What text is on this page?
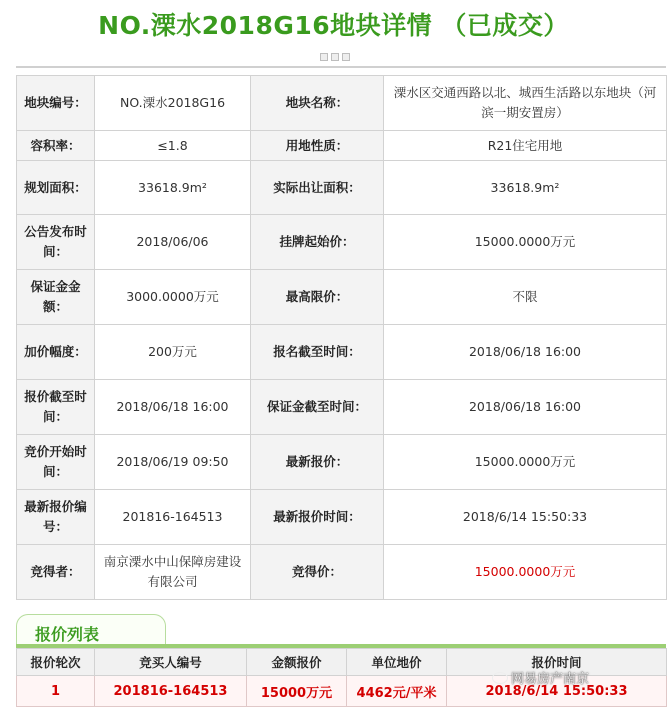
NO.溧水2018G16地块详情 （已成交）
地块编号：	NO.溧水2018G16	地块名称：	溧水区交通西路以北、城西生活路以东地块（河滨一期安置房）
容积率：	≤1.8	用地性质：	R21住宅用地
规划面积：	33618.9m²	实际出让面积：	33618.9m²
公告发布时间：	2018/06/06	挂牌起始价：	15000.0000万元
保证金金额：	3000.0000万元	最高限价：	不限
加价幅度：	200万元	报名截至时间：	2018/06/18 16:00
报价截至时间：	2018/06/18 16:00	保证金截至时间：	2018/06/18 16:00
竞价开始时间：	2018/06/19 09:50	最新报价：	15000.0000万元
最新报价编号：	201816-164513	最新报价时间：	2018/6/14 15:50:33
竞得者：	南京溧水中山保障房建设有限公司	竞得价：	15000.0000万元
报价列表
报价轮次	竞买人编号	金额报价	单位地价	报价时间
1	201816-164513	15000万元	4462元/平米	2018/6/14 15:50:33
网易房产南京
